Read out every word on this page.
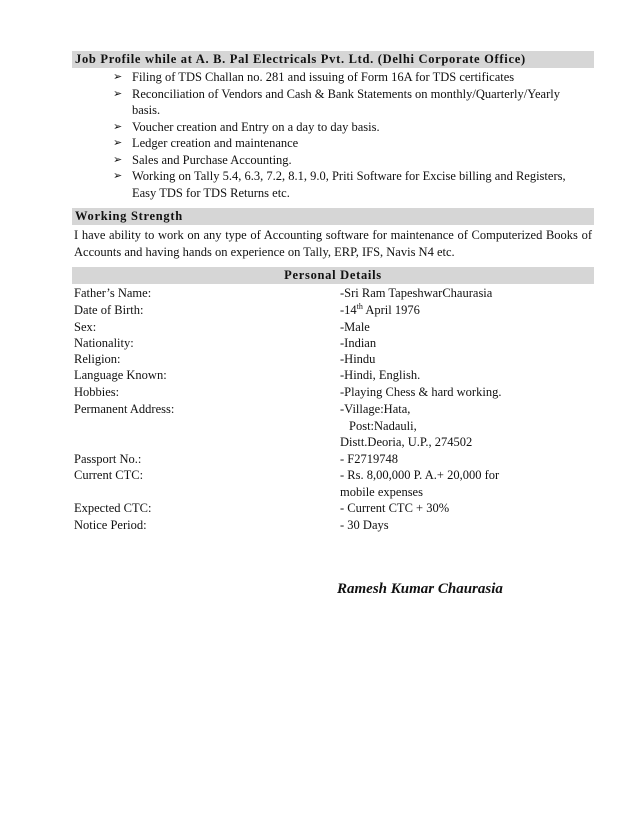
Job Profile while at A. B. Pal Electricals Pvt. Ltd. (Delhi Corporate Office)
➢ Filing of TDS Challan no. 281 and issuing of Form 16A for TDS certificates
➢ Reconciliation of Vendors and Cash & Bank Statements on monthly/Quarterly/Yearly basis.
➢ Voucher creation and Entry on a day to day basis.
➢ Ledger creation and maintenance
➢ Sales and Purchase Accounting.
➢ Working on Tally 5.4, 6.3, 7.2, 8.1, 9.0, Priti Software for Excise billing and Registers, Easy TDS for TDS Returns etc.
Working Strength
I have ability to work on any type of Accounting software for maintenance of Computerized Books of Accounts and having hands on experience on Tally, ERP, IFS, Navis N4 etc.
Personal Details
Father’s Name:	-Sri Ram TapeshwarChaurasia
Date of Birth:	-14th April 1976
Sex:	-Male
Nationality:	-Indian
Religion:	-Hindu
Language Known:	-Hindi, English.
Hobbies:	-Playing Chess & hard working.
Permanent Address:	-Village:Hata,
Post:Nadauli,
Distt.Deoria, U.P., 274502
Passport No.:	- F2719748
Current CTC:	- Rs. 8,00,000 P. A.+ 20,000 for
mobile expenses
Expected CTC:	- Current CTC + 30%
Notice Period:	- 30 Days
Ramesh Kumar Chaurasia
